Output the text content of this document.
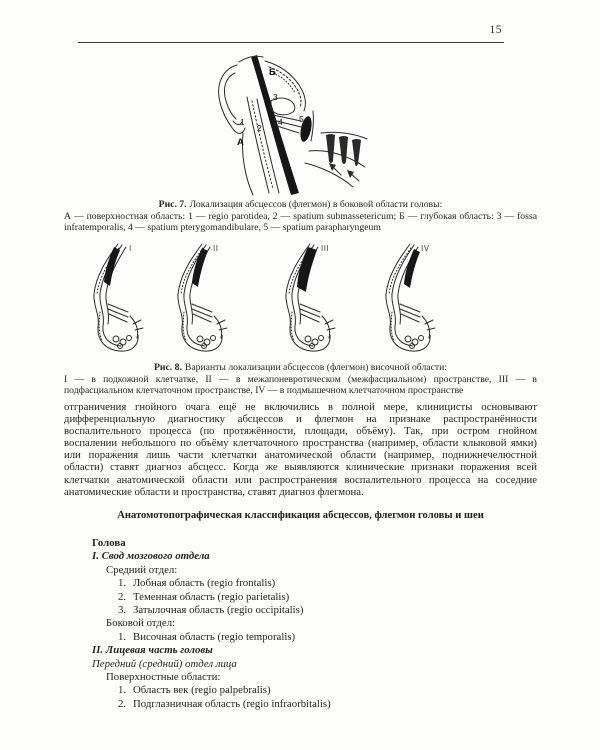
15
Б
3
1
2
4 5
А
Рис. 7. Локализация абсцессов (флегмон) в боковой области головы:
А — поверхностная область: 1 — regio parotidea, 2 — spatium submassetericum; Б — глубокая область: 3 — fossa infratemporalis, 4 — spatium pterygomandibulare, 5 — spatium parapharyngeum
I	II	III	IV
Рис. 8. Варианты локализации абсцессов (флегмон) височной области:
I — в подкожной клетчатке, II — в межапоневротическом (межфасциальном) пространстве, III — в подфасциальном клетчаточном пространстве, IV — в подмышечном клетчаточном пространстве

отграничения гнойного очага ещё не включились в полной мере, клиницисты основывают дифференциальную диагностику абсцессов и флегмон на признаке распространённости воспалительного процесса (по протяжённости, площади, объёму). Так, при остром гнойном воспалении небольшого по объёму клетчаточного пространства (например, области клыковой ямки) или поражения лишь части клетчатки анатомической области (например, поднижнечелюстной области) ставят диагноз абсцесс. Когда же выявляются клинические признаки поражения всей клетчатки анатомической области или распространения воспалительного процесса на соседние анатомические области и пространства, ставят диагноз флегмона.

Анатомотопографическая классификация абсцессов, флегмон головы и шеи
Голова
I. Свод мозгового отдела
Средний отдел:
1. Лобная область (regio frontalis)
2. Теменная область (regio parietalis)
3. Затылочная область (regio occipitalis)
Боковой отдел:
1. Височная область (regio temporalis)
II. Лицевая часть головы
Передний (средний) отдел лица
Поверхностные области:
1. Область век (regio palpebralis)
2. Подглазничная область (regio infraorbitalis)
